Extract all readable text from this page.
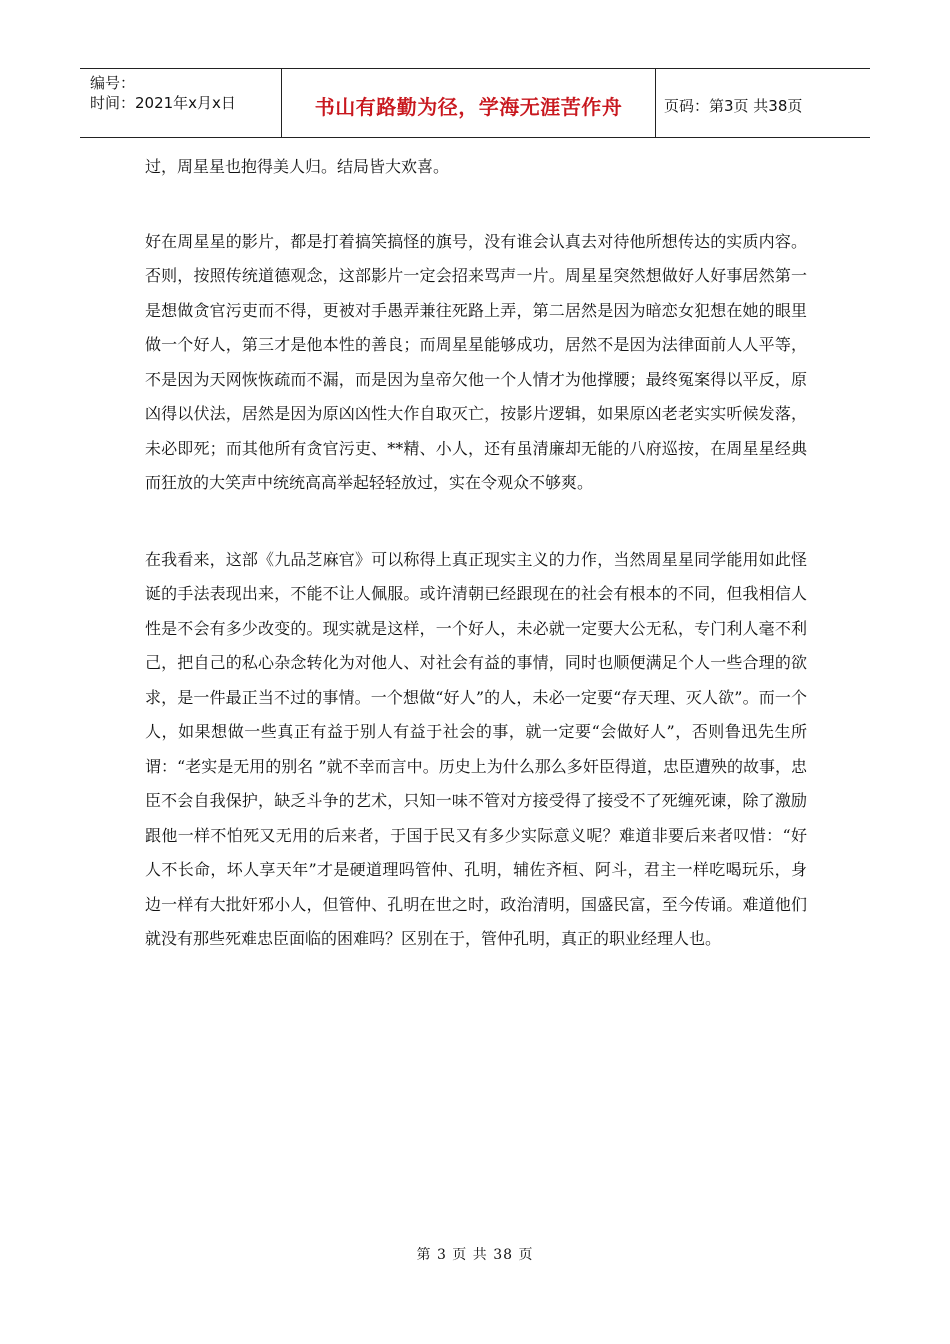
编号：
时间：2021年x月x日	书山有路勤为径，学海无涯苦作舟	页码：第3页 共38页

过，周星星也抱得美人归。结局皆大欢喜。

好在周星星的影片，都是打着搞笑搞怪的旗号，没有谁会认真去对待他所想传达的实质内容。否则，按照传统道德观念，这部影片一定会招来骂声一片。周星星突然想做好人好事居然第一是想做贪官污吏而不得，更被对手愚弄兼往死路上弄，第二居然是因为暗恋女犯想在她的眼里做一个好人，第三才是他本性的善良；而周星星能够成功，居然不是因为法律面前人人平等，不是因为天网恢恢疏而不漏，而是因为皇帝欠他一个人情才为他撑腰；最终冤案得以平反，原凶得以伏法，居然是因为原凶凶性大作自取灭亡，按影片逻辑，如果原凶老老实实听候发落，未必即死；而其他所有贪官污吏、**精、小人，还有虽清廉却无能的八府巡按，在周星星经典而狂放的大笑声中统统高高举起轻轻放过，实在令观众不够爽。

在我看来，这部《九品芝麻官》可以称得上真正现实主义的力作，当然周星星同学能用如此怪诞的手法表现出来，不能不让人佩服。或许清朝已经跟现在的社会有根本的不同，但我相信人性是不会有多少改变的。现实就是这样，一个好人，未必就一定要大公无私，专门利人毫不利己，把自己的私心杂念转化为对他人、对社会有益的事情，同时也顺便满足个人一些合理的欲求，是一件最正当不过的事情。一个想做“好人”的人，未必一定要“存天理、灭人欲”。而一个人，如果想做一些真正有益于别人有益于社会的事，就一定要“会做好人”，否则鲁迅先生所谓：“老实是无用的别名 ”就不幸而言中。历史上为什么那么多奸臣得道，忠臣遭殃的故事，忠臣不会自我保护，缺乏斗争的艺术，只知一味不管对方接受得了接受不了死缠死谏，除了激励跟他一样不怕死又无用的后来者，于国于民又有多少实际意义呢？难道非要后来者叹惜：“好人不长命，坏人享天年”才是硬道理吗管仲、孔明，辅佐齐桓、阿斗，君主一样吃喝玩乐，身边一样有大批奸邪小人，但管仲、孔明在世之时，政治清明，国盛民富，至今传诵。难道他们就没有那些死难忠臣面临的困难吗？区别在于，管仲孔明，真正的职业经理人也。

第 3 页 共 38 页
